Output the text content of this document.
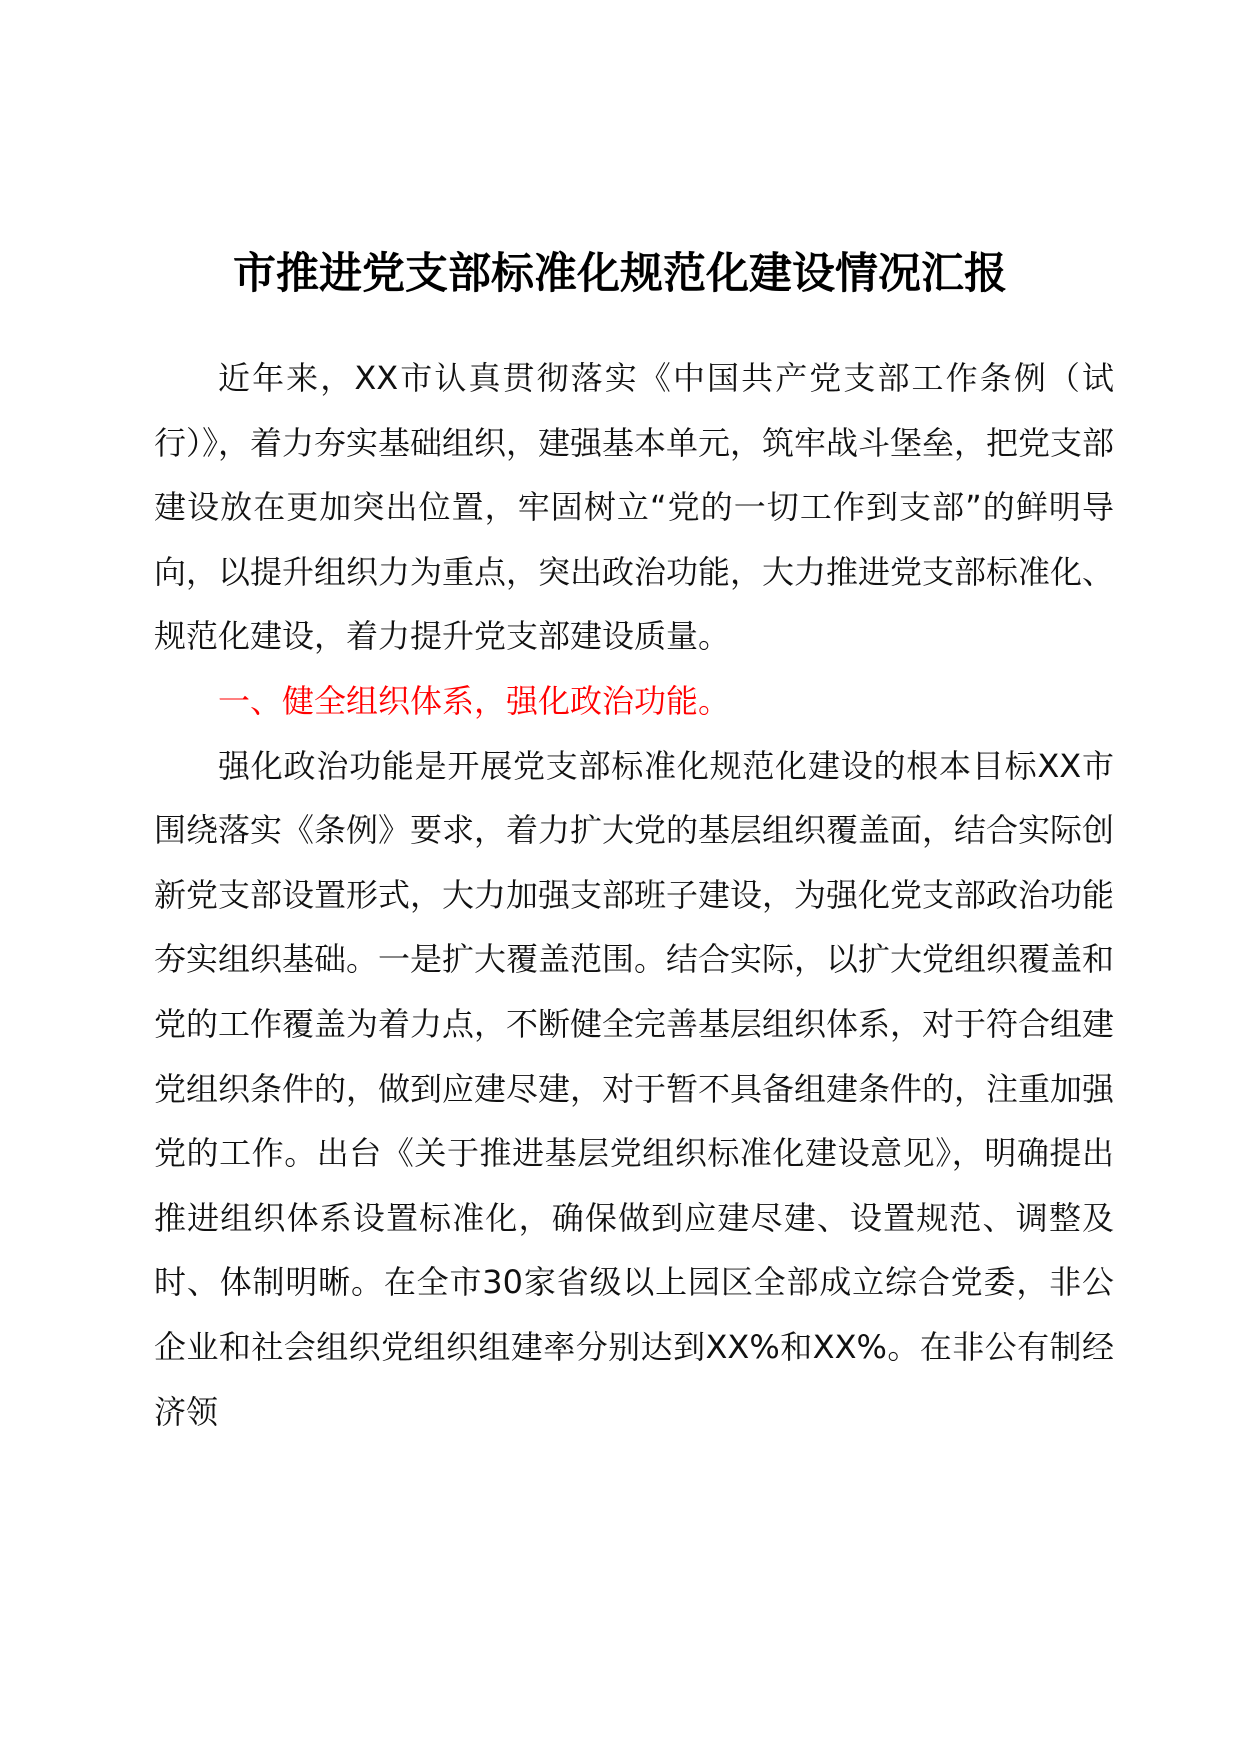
市推进党支部标准化规范化建设情况汇报

近年来，XX市认真贯彻落实《中国共产党支部工作条例（试行）》，着力夯实基础组织，建强基本单元，筑牢战斗堡垒，把党支部建设放在更加突出位置，牢固树立“党的一切工作到支部”的鲜明导向，以提升组织力为重点，突出政治功能，大力推进党支部标准化、规范化建设，着力提升党支部建设质量。

一、健全组织体系，强化政治功能。

强化政治功能是开展党支部标准化规范化建设的根本目标XX市围绕落实《条例》要求，着力扩大党的基层组织覆盖面，结合实际创新党支部设置形式，大力加强支部班子建设，为强化党支部政治功能夯实组织基础。一是扩大覆盖范围。结合实际，以扩大党组织覆盖和党的工作覆盖为着力点，不断健全完善基层组织体系，对于符合组建党组织条件的，做到应建尽建，对于暂不具备组建条件的，注重加强党的工作。出台《关于推进基层党组织标准化建设意见》，明确提出推进组织体系设置标准化，确保做到应建尽建、设置规范、调整及时、体制明晰。在全市30家省级以上园区全部成立综合党委，非公企业和社会组织党组织组建率分别达到XX%和XX%。在非公有制经济领
